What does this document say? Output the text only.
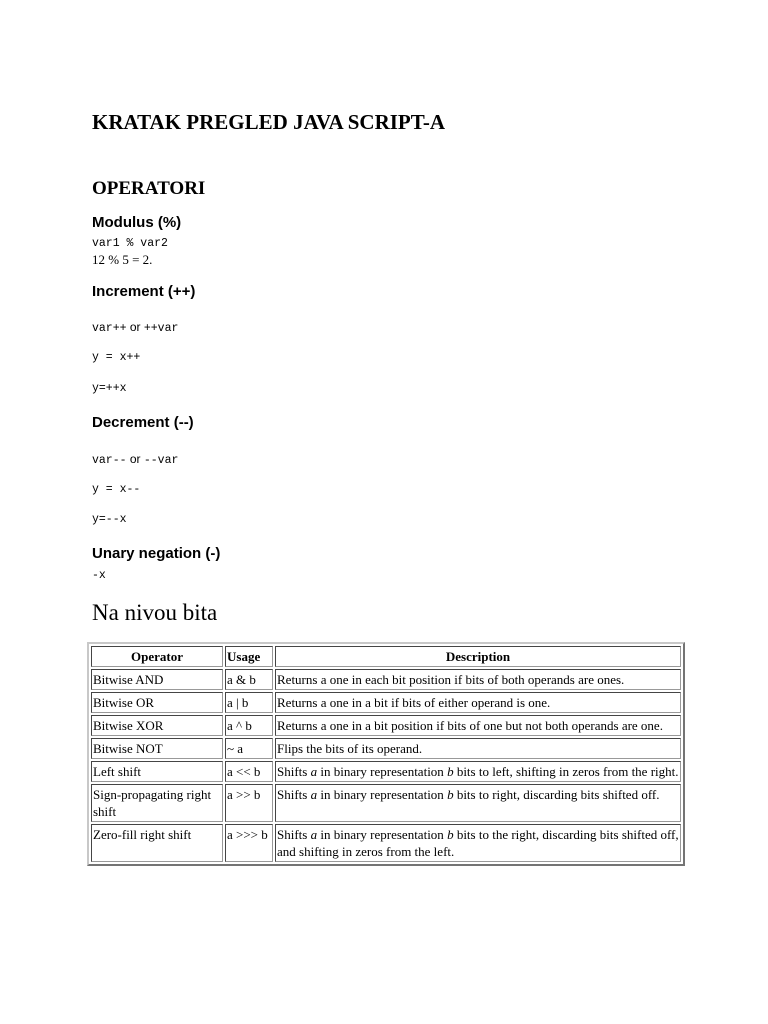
KRATAK PREGLED JAVA SCRIPT-A
OPERATORI
Modulus (%)
var1 % var2
12 % 5 = 2.
Increment (++)
var++ or ++var
y = x++
y=++x
Decrement (--)
var-- or --var
y = x--
y=--x
Unary negation (-)
-x
Na nivou bita
Operator	Usage	Description
Bitwise AND	a & b	Returns a one in each bit position if bits of both operands are ones.
Bitwise OR	a | b	Returns a one in a bit if bits of either operand is one.
Bitwise XOR	a ^ b	Returns a one in a bit position if bits of one but not both operands are one.
Bitwise NOT	~ a	Flips the bits of its operand.
Left shift	a << b	Shifts a in binary representation b bits to left, shifting in zeros from the right.
Sign-propagating right shift	a >> b	Shifts a in binary representation b bits to right, discarding bits shifted off.
Zero-fill right shift	a >>> b	Shifts a in binary representation b bits to the right, discarding bits shifted off, and shifting in zeros from the left.
